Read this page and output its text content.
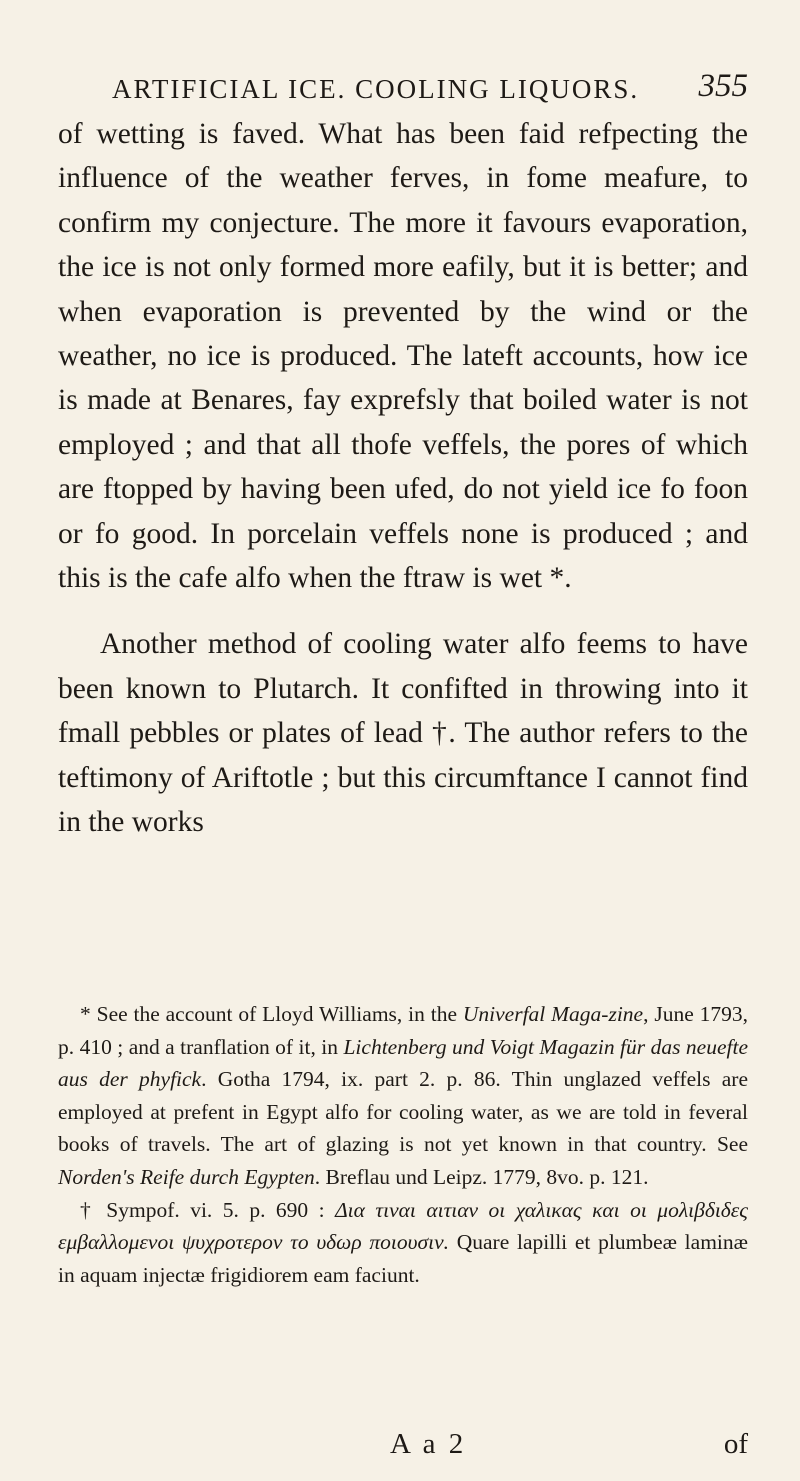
ARTIFICIAL ICE. COOLING LIQUORS. 355

of wetting is faved. What has been faid refpecting the influence of the weather ferves, in fome meafure, to confirm my conjecture. The more it favours evaporation, the ice is not only formed more eafily, but it is better; and when evaporation is prevented by the wind or the weather, no ice is produced. The lateft accounts, how ice is made at Benares, fay exprefsly that boiled water is not employed ; and that all thofe veffels, the pores of which are ftopped by having been ufed, do not yield ice fo foon or fo good. In porcelain veffels none is produced ; and this is the cafe alfo when the ftraw is wet *.

Another method of cooling water alfo feems to have been known to Plutarch. It confifted in throwing into it fmall pebbles or plates of lead †. The author refers to the teftimony of Ariftotle ; but this circumftance I cannot find in the works

* See the account of Lloyd Williams, in the Univerfal Maga-zine, June 1793, p. 410 ; and a tranflation of it, in Lichtenberg und Voigt Magazin für das neuefte aus der phyfick. Gotha 1794, ix. part 2. p. 86. Thin unglazed veffels are employed at prefent in Egypt alfo for cooling water, as we are told in feveral books of travels. The art of glazing is not yet known in that country. See Norden's Reife durch Egypten. Breflau und Leipz. 1779, 8vo. p. 121.

† Sympof. vi. 5. p. 690 : Δια τιναι αιτιαν οι χαλικας και οι μολιβδιδες εμβαλλομενοι ψυχροτερον το υδωρ ποιουσιν. Quare lapilli et plumbeæ laminæ in aquam injectæ frigidiorem eam faciunt.

A a 2	of
